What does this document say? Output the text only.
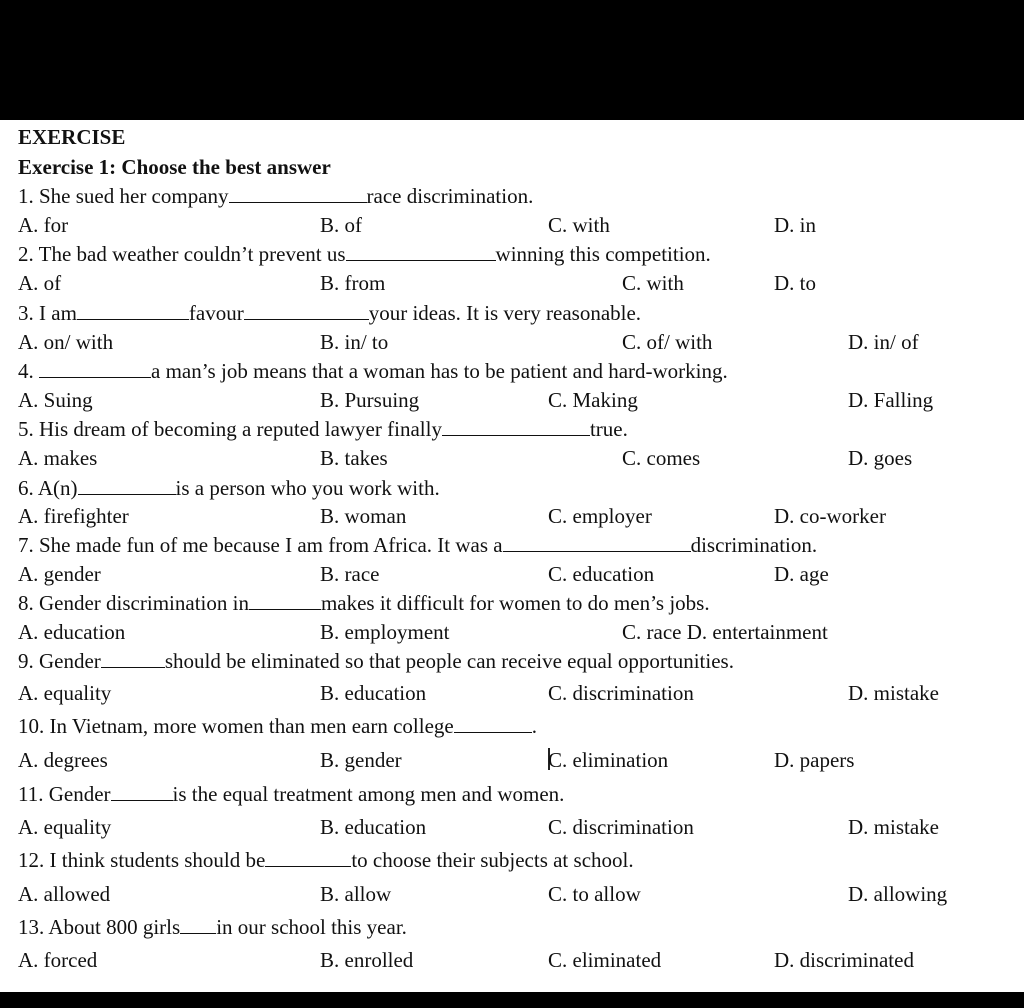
EXERCISE
Exercise 1: Choose the best answer
1. She sued her company	race discrimination.
A. for	B. of	C. with	D. in
2. The bad weather couldn’t prevent us	winning this competition.
A. of	B. from	C. with	D. to
3. I am	favour	your ideas. It is very reasonable.
A. on/ with	B. in/ to	C. of/ with	D. in/ of
4.	a man’s job means that a woman has to be patient and hard-working.
A. Suing	B. Pursuing	C. Making	D. Falling
5. His dream of becoming a reputed lawyer finally	true.
A. makes	B. takes	C. comes	D. goes
6. A(n)	is a person who you work with.
A. firefighter	B. woman	C. employer	D. co-worker
7. She made fun of me because I am from Africa. It was a	discrimination.
A. gender	B. race	C. education	D. age
8. Gender discrimination in	makes it difficult for women to do men’s jobs.
A. education	B. employment	C. race D. entertainment
9. Gender	should be eliminated so that people can receive equal opportunities.
A. equality	B. education	C. discrimination	D. mistake
10. In Vietnam, more women than men earn college	.
A. degrees	B. gender	C. elimination	D. papers
11. Gender	is the equal treatment among men and women.
A. equality	B. education	C. discrimination	D. mistake
12. I think students should be	to choose their subjects at school.
A. allowed	B. allow	C. to allow	D. allowing
13. About 800 girls in our school this year.
A. forced	B. enrolled	C. eliminated	D. discriminated
